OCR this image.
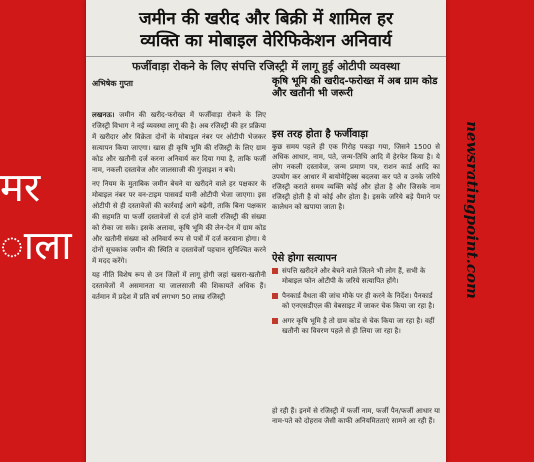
मर
ाला	newsratingpoint.com
जमीन की खरीद और बिक्री में शामिल हर
व्यक्ति का मोबाइल वेरिफिकेशन अनिवार्य
फर्जीवाड़ा रोकने के लिए संपत्ति रजिस्ट्री में लागू हुई ओटीपी व्यवस्था
अभिषेक गुप्ता	कृषि भूमि की खरीद-फरोख्त में अब ग्राम कोड और खतौनी भी जरूरी

लखनऊ। जमीन की खरीद-फरोख्त में फर्जीवाड़ा रोकने के लिए रजिस्ट्री विभाग ने नई व्यवस्था लागू की है। अब रजिस्ट्री की हर प्रक्रिया में खरीदार और विक्रेता दोनों के मोबाइल नंबर पर ओटीपी भेजकर सत्यापन किया जाएगा। खास ही कृषि भूमि की रजिस्ट्री के लिए ग्राम कोड और खतौनी दर्ज करना अनिवार्य कर दिया गया है, ताकि फर्जी नाम, नकली दस्तावेज और जालसाजी की गुंजाइश न बचे।

नए नियम के मुताबिक जमीन बेचने या खरीदने वाले हर पक्षकार के मोबाइल नंबर पर वन-टाइम पासवर्ड यानी ओटीपी भेजा जाएगा। इस ओटीपी से ही दस्तावेजों की कार्रवाई आगे बढ़ेगी, ताकि बिना पक्षकार की सहमति या फर्जी दस्तावेजों से दर्ज होने वाली रजिस्ट्री की संख्या को रोका जा सके। इसके अलावा, कृषि भूमि की लेन-देन में ग्राम कोड और खतौनी संख्या को अनिवार्य रूप से पत्रों में दर्ज करवाना होगा। ये दोनों सूचकांक जमीन की स्थिति व दस्तावेजों पहचान सुनिश्चित करने में मदद करेंगे।

यह नीति विशेष रूप से उन जिलों में लागू होगी जहां खसरा-खतौनी दस्तावेजों में असमानता या जालसाजी की शिकायतें अधिक हैं। वर्तमान में प्रदेश में प्रति वर्ष लगभग 50 लाख रजिस्ट्री

इस तरह होता है फर्जीवाड़ा
कुछ समय पहले ही एक गिरोह पकड़ा गया, जिसने 1500 से अधिक आधार, नाम, पते, जन्म-तिथि आदि में हेरफेर किया है। ये लोग नकली दस्तावेज, जन्म प्रमाण पत्र, राशन कार्ड आदि का उपयोग कर आधार में बायोमेट्रिक्स बदलवा कर पते व उनके जरिये रजिस्ट्री कराते समय व्यक्ति कोई और होता है और जिसके नाम रजिस्ट्री होती है वो कोई और होता है। इसके जरिये बड़े पैमाने पर कालेधन को खपाया जाता है।
ऐसे होगा सत्यापन
संपत्ति खरीदने और बेचने वाले जितने भी लोग हैं, सभी के मोबाइल फोन ओटीपी के जरिये सत्यापित होंगे।
पैनकार्ड वैधता की जांच मौके पर ही करने के निर्देश। पैनकार्ड को एनएसडीएल की वेबसाइट में जाकर चेक किया जा रहा है।
अगर कृषि भूमि है तो ग्राम कोड से चेक किया जा रहा है। वहीं खतौनी का विवरण पहले से ही लिया जा रहा है।
हो रही हैं। इनमें से रजिस्ट्री में फर्जी नाम, फर्जी पैन/फर्जी आधार या नाम-पते को दोहराव जैसी काफी अनियमितताएं सामने आ रही हैं।
